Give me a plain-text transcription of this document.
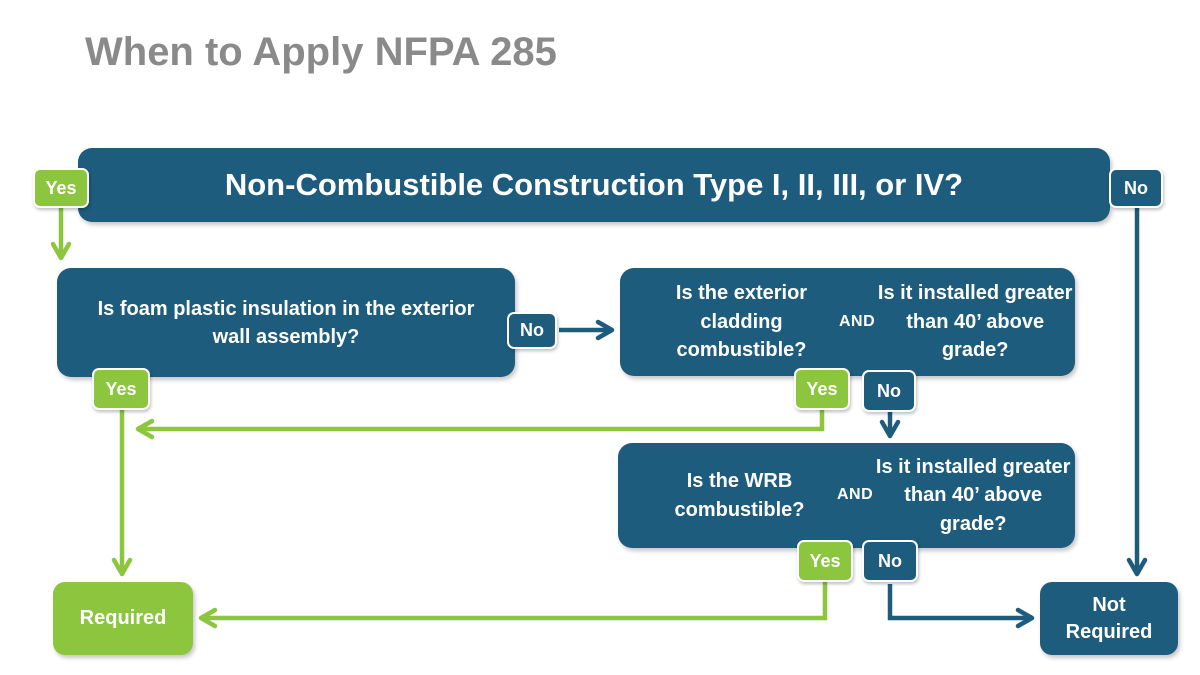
When to Apply NFPA 285
Non-Combustible Construction Type I, II, III, or IV?
Is foam plastic insulation in the exterior wall assembly?
Is the exterior cladding combustible?
AND
Is it installed greater than 40’ above grade?
Is the WRB combustible?
AND
Is it installed greater than 40’ above grade?
Required
Not Required
Yes	No
No
Yes	Yes	No
Yes	No
